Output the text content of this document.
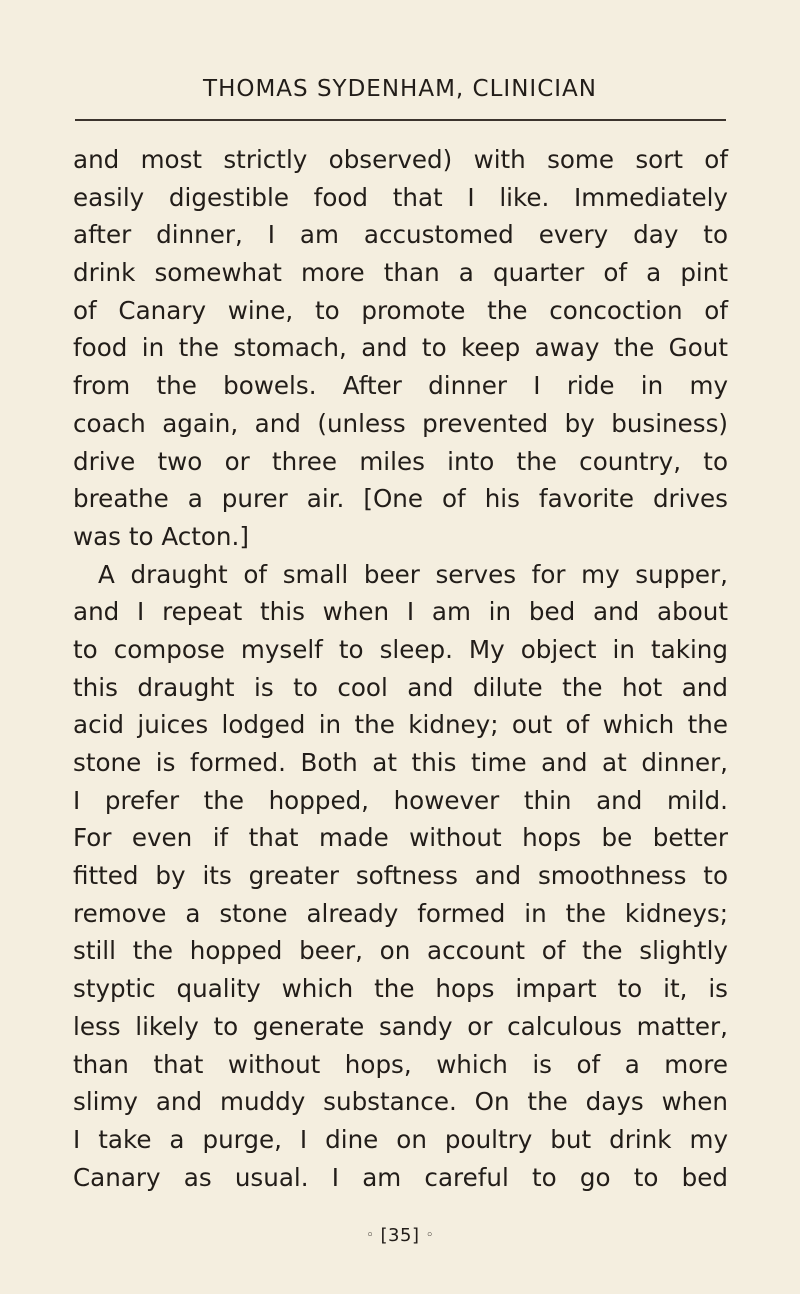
THOMAS SYDENHAM, CLINICIAN
and most strictly observed) with some sort of
easily digestible food that I like. Immediately
after dinner, I am accustomed every day to
drink somewhat more than a quarter of a pint
of Canary wine, to promote the concoction of
food in the stomach, and to keep away the Gout
from the bowels. After dinner I ride in my
coach again, and (unless prevented by business)
drive two or three miles into the country, to
breathe a purer air. [One of his favorite drives
was to Acton.]
A draught of small beer serves for my supper,
and I repeat this when I am in bed and about
to compose myself to sleep. My object in taking
this draught is to cool and dilute the hot and
acid juices lodged in the kidney; out of which the
stone is formed. Both at this time and at dinner,
I prefer the hopped, however thin and mild.
For even if that made without hops be better
fitted by its greater softness and smoothness to
remove a stone already formed in the kidneys;
still the hopped beer, on account of the slightly
styptic quality which the hops impart to it, is
less likely to generate sandy or calculous matter,
than that without hops, which is of a more
slimy and muddy substance. On the days when
I take a purge, I dine on poultry but drink my
Canary as usual. I am careful to go to bed
◦ [35] ◦
